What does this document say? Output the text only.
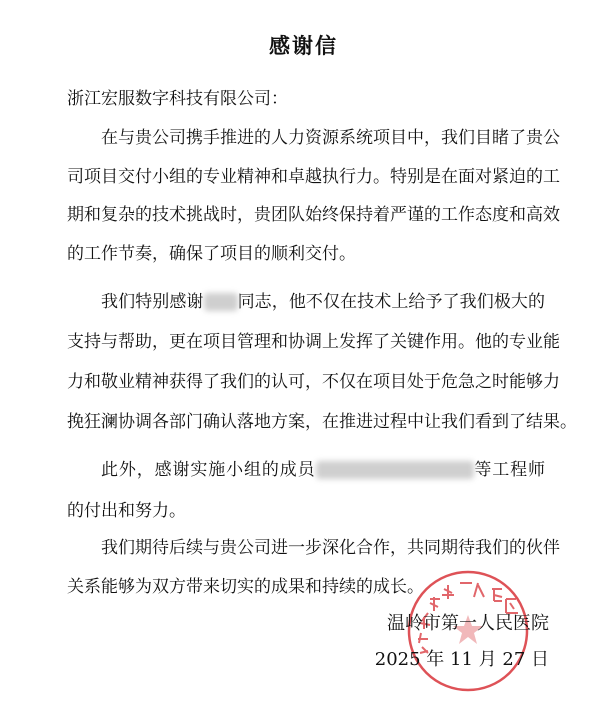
感谢信
浙江宏服数字科技有限公司：
在与贵公司携手推进的人力资源系统项目中，我们目睹了贵公
司项目交付小组的专业精神和卓越执行力。特别是在面对紧迫的工
期和复杂的技术挑战时，贵团队始终保持着严谨的工作态度和高效
的工作节奏，确保了项目的顺利交付。
我们特别感谢 同志，他不仅在技术上给予了我们极大的
支持与帮助，更在项目管理和协调上发挥了关键作用。他的专业能
力和敬业精神获得了我们的认可，不仅在项目处于危急之时能够力
挽狂澜协调各部门确认落地方案，在推进过程中让我们看到了结果。
此外，感谢实施小组的成员	等工程师
的付出和努力。
我们期待后续与贵公司进一步深化合作，共同期待我们的伙伴
关系能够为双方带来切实的成果和持续的成长。
温岭市第一人民医院
2025 年 11 月 27 日
